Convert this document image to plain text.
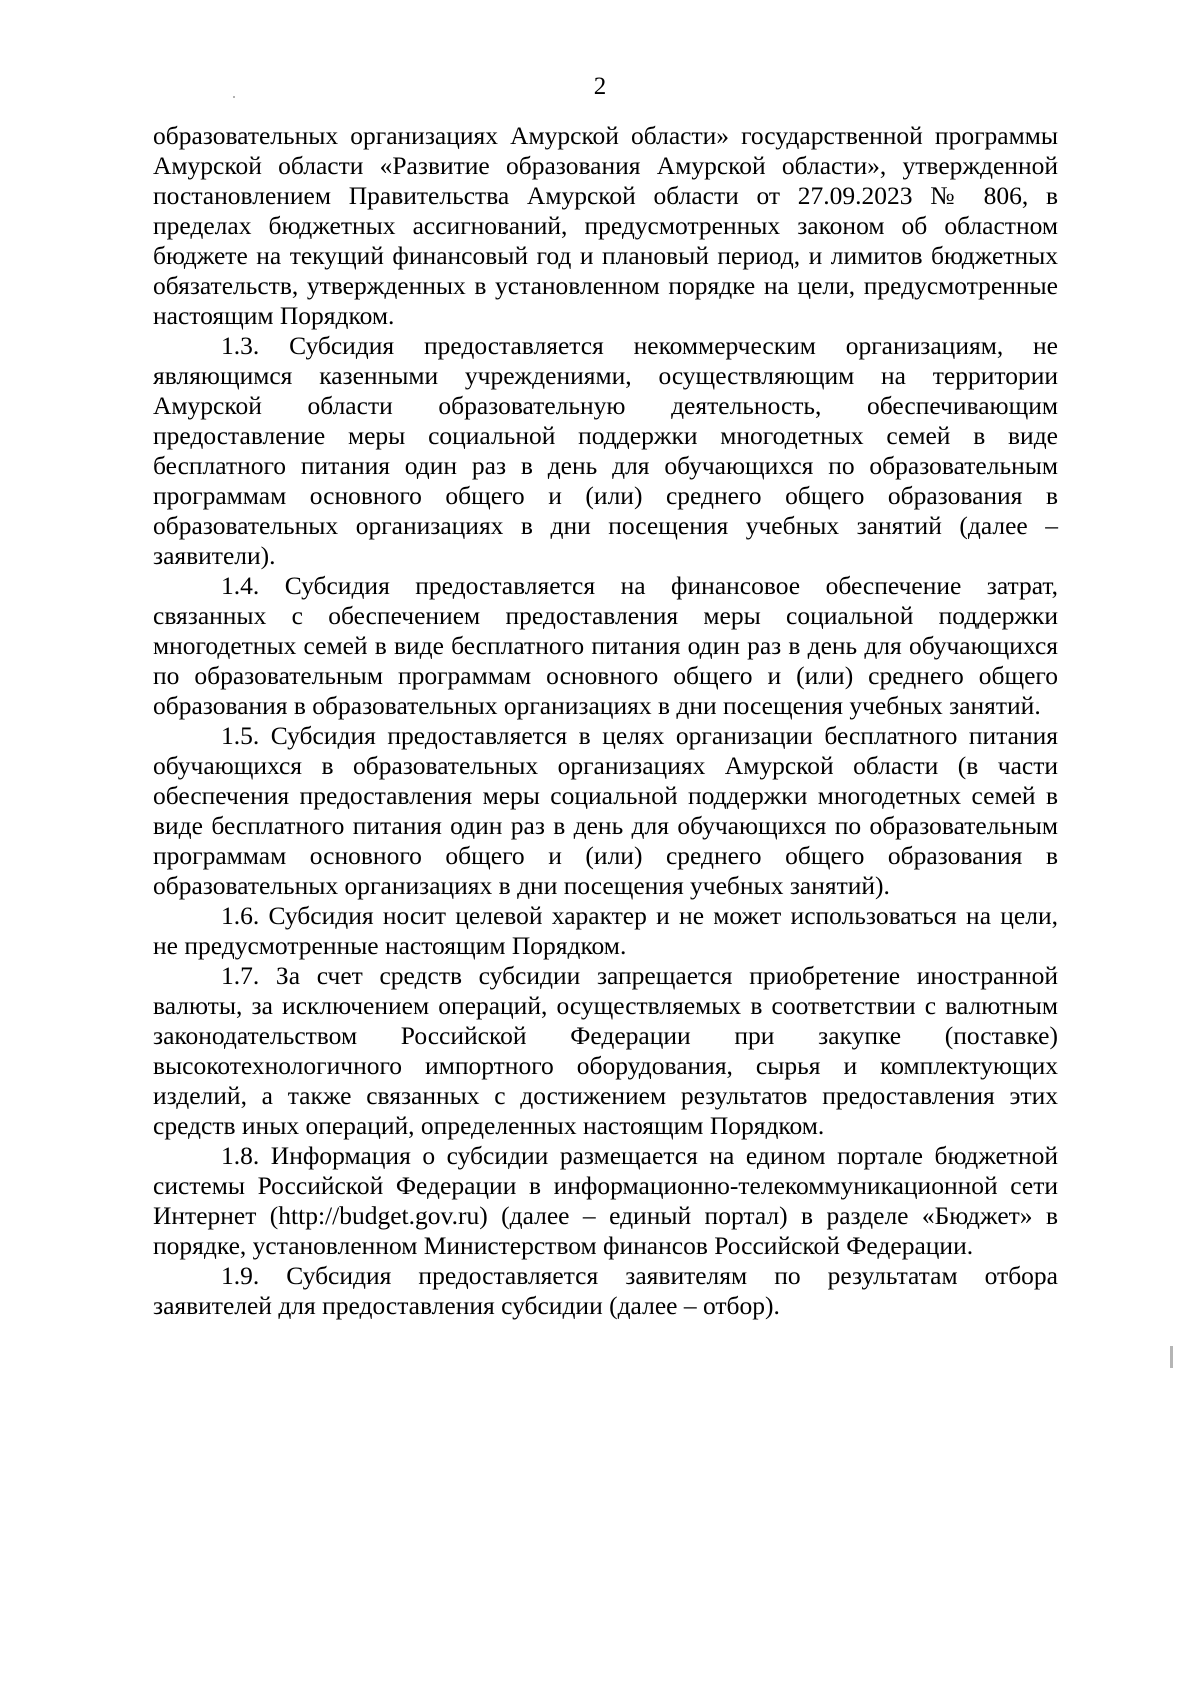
2

образовательных организациях Амурской области» государственной программы Амурской области «Развитие образования Амурской области», утвержденной постановлением Правительства Амурской области от 27.09.2023 № 806, в пределах бюджетных ассигнований, предусмотренных законом об областном бюджете на текущий финансовый год и плановый период, и лимитов бюджетных обязательств, утвержденных в установленном порядке на цели, предусмотренные настоящим Порядком.

1.3. Субсидия предоставляется некоммерческим организациям, не являющимся казенными учреждениями, осуществляющим на территории Амурской области образовательную деятельность, обеспечивающим предоставление меры социальной поддержки многодетных семей в виде бесплатного питания один раз в день для обучающихся по образовательным программам основного общего и (или) среднего общего образования в образовательных организациях в дни посещения учебных занятий (далее – заявители).

1.4. Субсидия предоставляется на финансовое обеспечение затрат, связанных с обеспечением предоставления меры социальной поддержки многодетных семей в виде бесплатного питания один раз в день для обучающихся по образовательным программам основного общего и (или) среднего общего образования в образовательных организациях в дни посещения учебных занятий.

1.5. Субсидия предоставляется в целях организации бесплатного питания обучающихся в образовательных организациях Амурской области (в части обеспечения предоставления меры социальной поддержки многодетных семей в виде бесплатного питания один раз в день для обучающихся по образовательным программам основного общего и (или) среднего общего образования в образовательных организациях в дни посещения учебных занятий).

1.6. Субсидия носит целевой характер и не может использоваться на цели, не предусмотренные настоящим Порядком.

1.7. За счет средств субсидии запрещается приобретение иностранной валюты, за исключением операций, осуществляемых в соответствии с валютным законодательством Российской Федерации при закупке (поставке) высокотехнологичного импортного оборудования, сырья и комплектующих изделий, а также связанных с достижением результатов предоставления этих средств иных операций, определенных настоящим Порядком.

1.8. Информация о субсидии размещается на едином портале бюджетной системы Российской Федерации в информационно-телекоммуникационной сети Интернет (http://budget.gov.ru) (далее – единый портал) в разделе «Бюджет» в порядке, установленном Министерством финансов Российской Федерации.

1.9. Субсидия предоставляется заявителям по результатам отбора заявителей для предоставления субсидии (далее – отбор).
